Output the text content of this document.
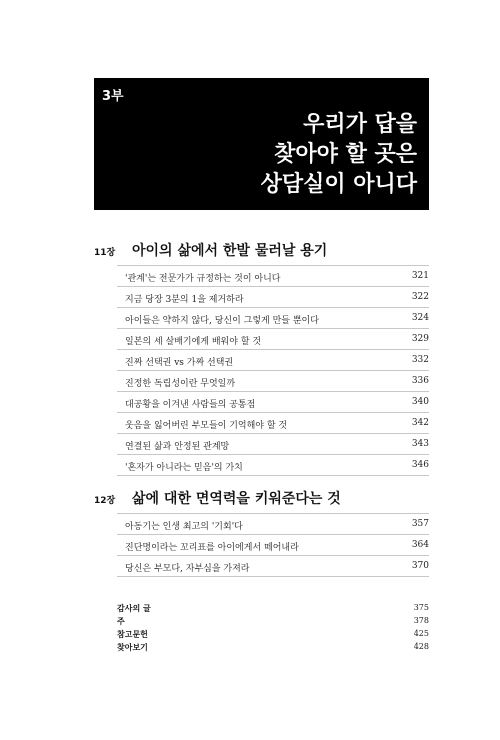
3부
우리가 답을
찾아야 할 곳은
상담실이 아니다
11장 아이의 삶에서 한발 물러날 용기
'관계'는 전문가가 규정하는 것이 아니다	321
지금 당장 3분의 1을 제거하라	322
아이들은 약하지 않다, 당신이 그렇게 만들 뿐이다	324
일본의 세 살배기에게 배워야 할 것	329
진짜 선택권 vs 가짜 선택권	332
진정한 독립성이란 무엇일까	336
대공황을 이겨낸 사람들의 공통점	340
웃음을 잃어버린 부모들이 기억해야 할 것	342
연결된 삶과 안정된 관계망	343
'혼자가 아니라는 믿음'의 가치	346
12장 삶에 대한 면역력을 키워준다는 것
아동기는 인생 최고의 '기회'다	357
진단명이라는 꼬리표를 아이에게서 떼어내라	364
당신은 부모다, 자부심을 가져라	370
감사의 글	375
주	378
참고문헌	425
찾아보기	428
